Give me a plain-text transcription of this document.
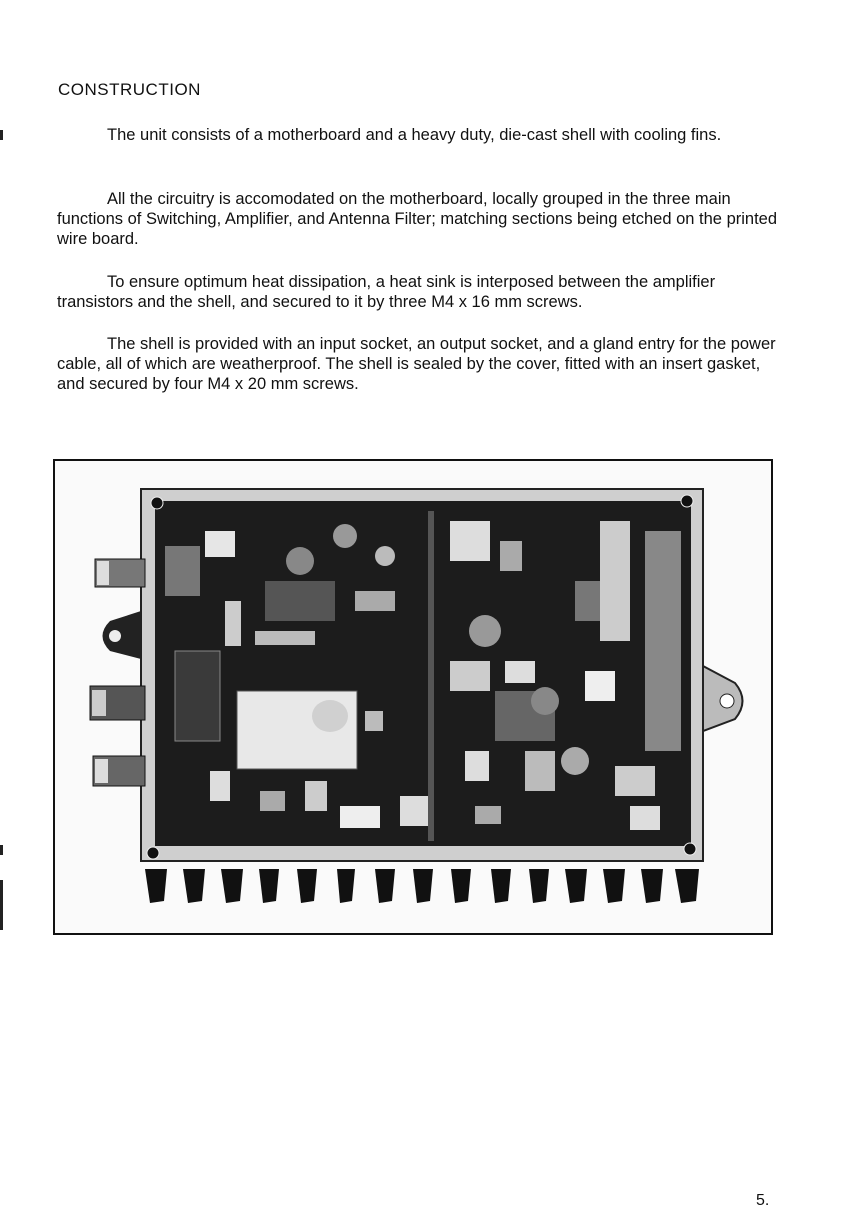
CONSTRUCTION

The unit consists of a motherboard and a heavy duty, die-cast shell with cooling fins.

All the circuitry is accomodated on the motherboard, locally grouped in the three main functions of Switching, Amplifier, and Antenna Filter; matching sections being etched on the printed wire board.

To ensure optimum heat dissipation, a heat sink is interposed between the amplifier transistors and the shell, and secured to it by three M4 x 16 mm screws.

The shell is provided with an input socket, an output socket, and a gland entry for the power cable, all of which are weatherproof. The shell is sealed by the cover, fitted with an insert gasket, and secured by four M4 x 20 mm screws.

5.
